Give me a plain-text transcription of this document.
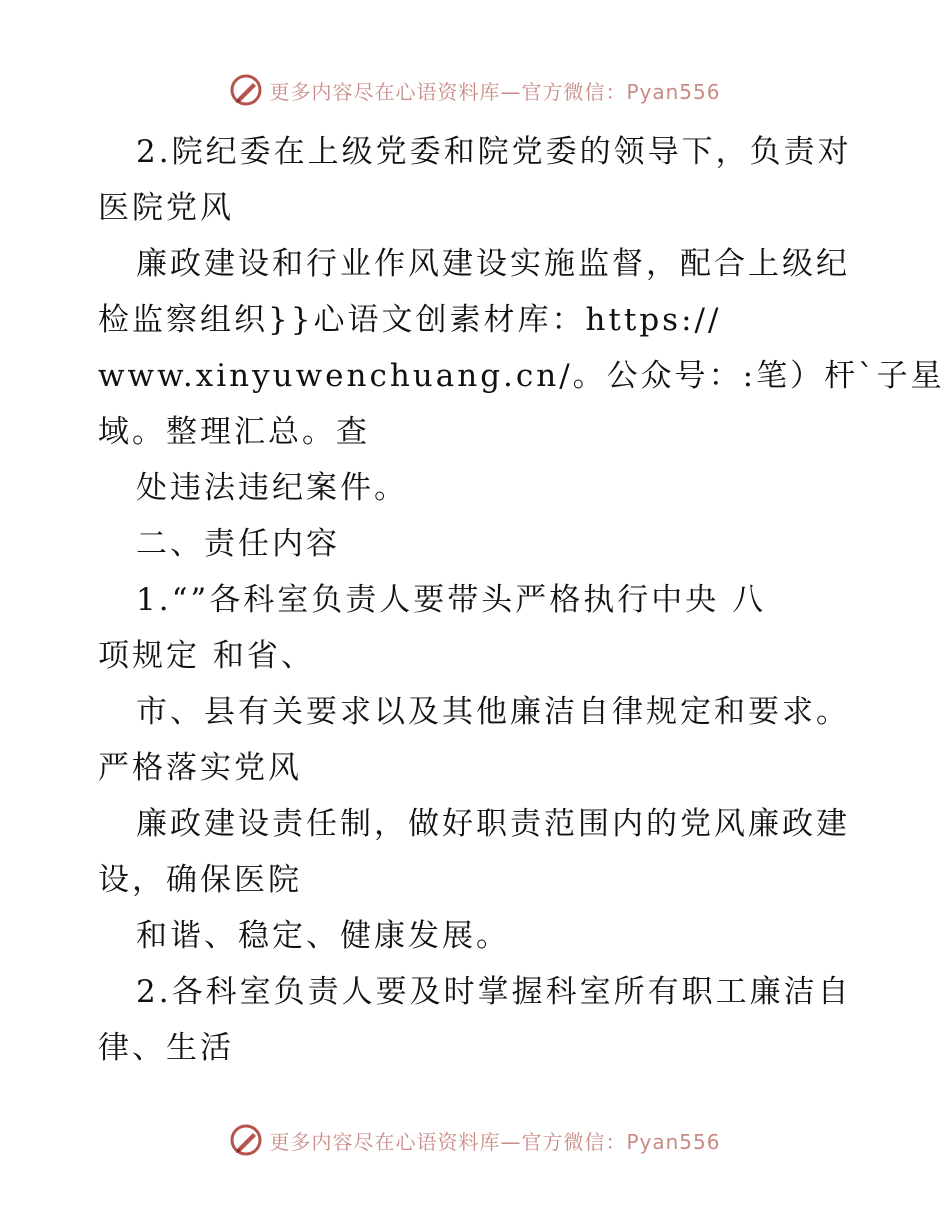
更多内容尽在心语资料库—官方微信：Pyan556
2.院纪委在上级党委和院党委的领导下，负责对
医院党风
廉政建设和行业作风建设实施监督，配合上级纪
检监察组织}}心语文创素材库：https://
www.xinyuwenchuang.cn/。公众号：:笔）杆`子星
域。整理汇总。查
处违法违纪案件。
二、责任内容
1.“”各科室负责人要带头严格执行中央 八
项规定 和省、
市、县有关要求以及其他廉洁自律规定和要求。
严格落实党风
廉政建设责任制，做好职责范围内的党风廉政建
设，确保医院
和谐、稳定、健康发展。
2.各科室负责人要及时掌握科室所有职工廉洁自
律、生活
更多内容尽在心语资料库—官方微信：Pyan556
